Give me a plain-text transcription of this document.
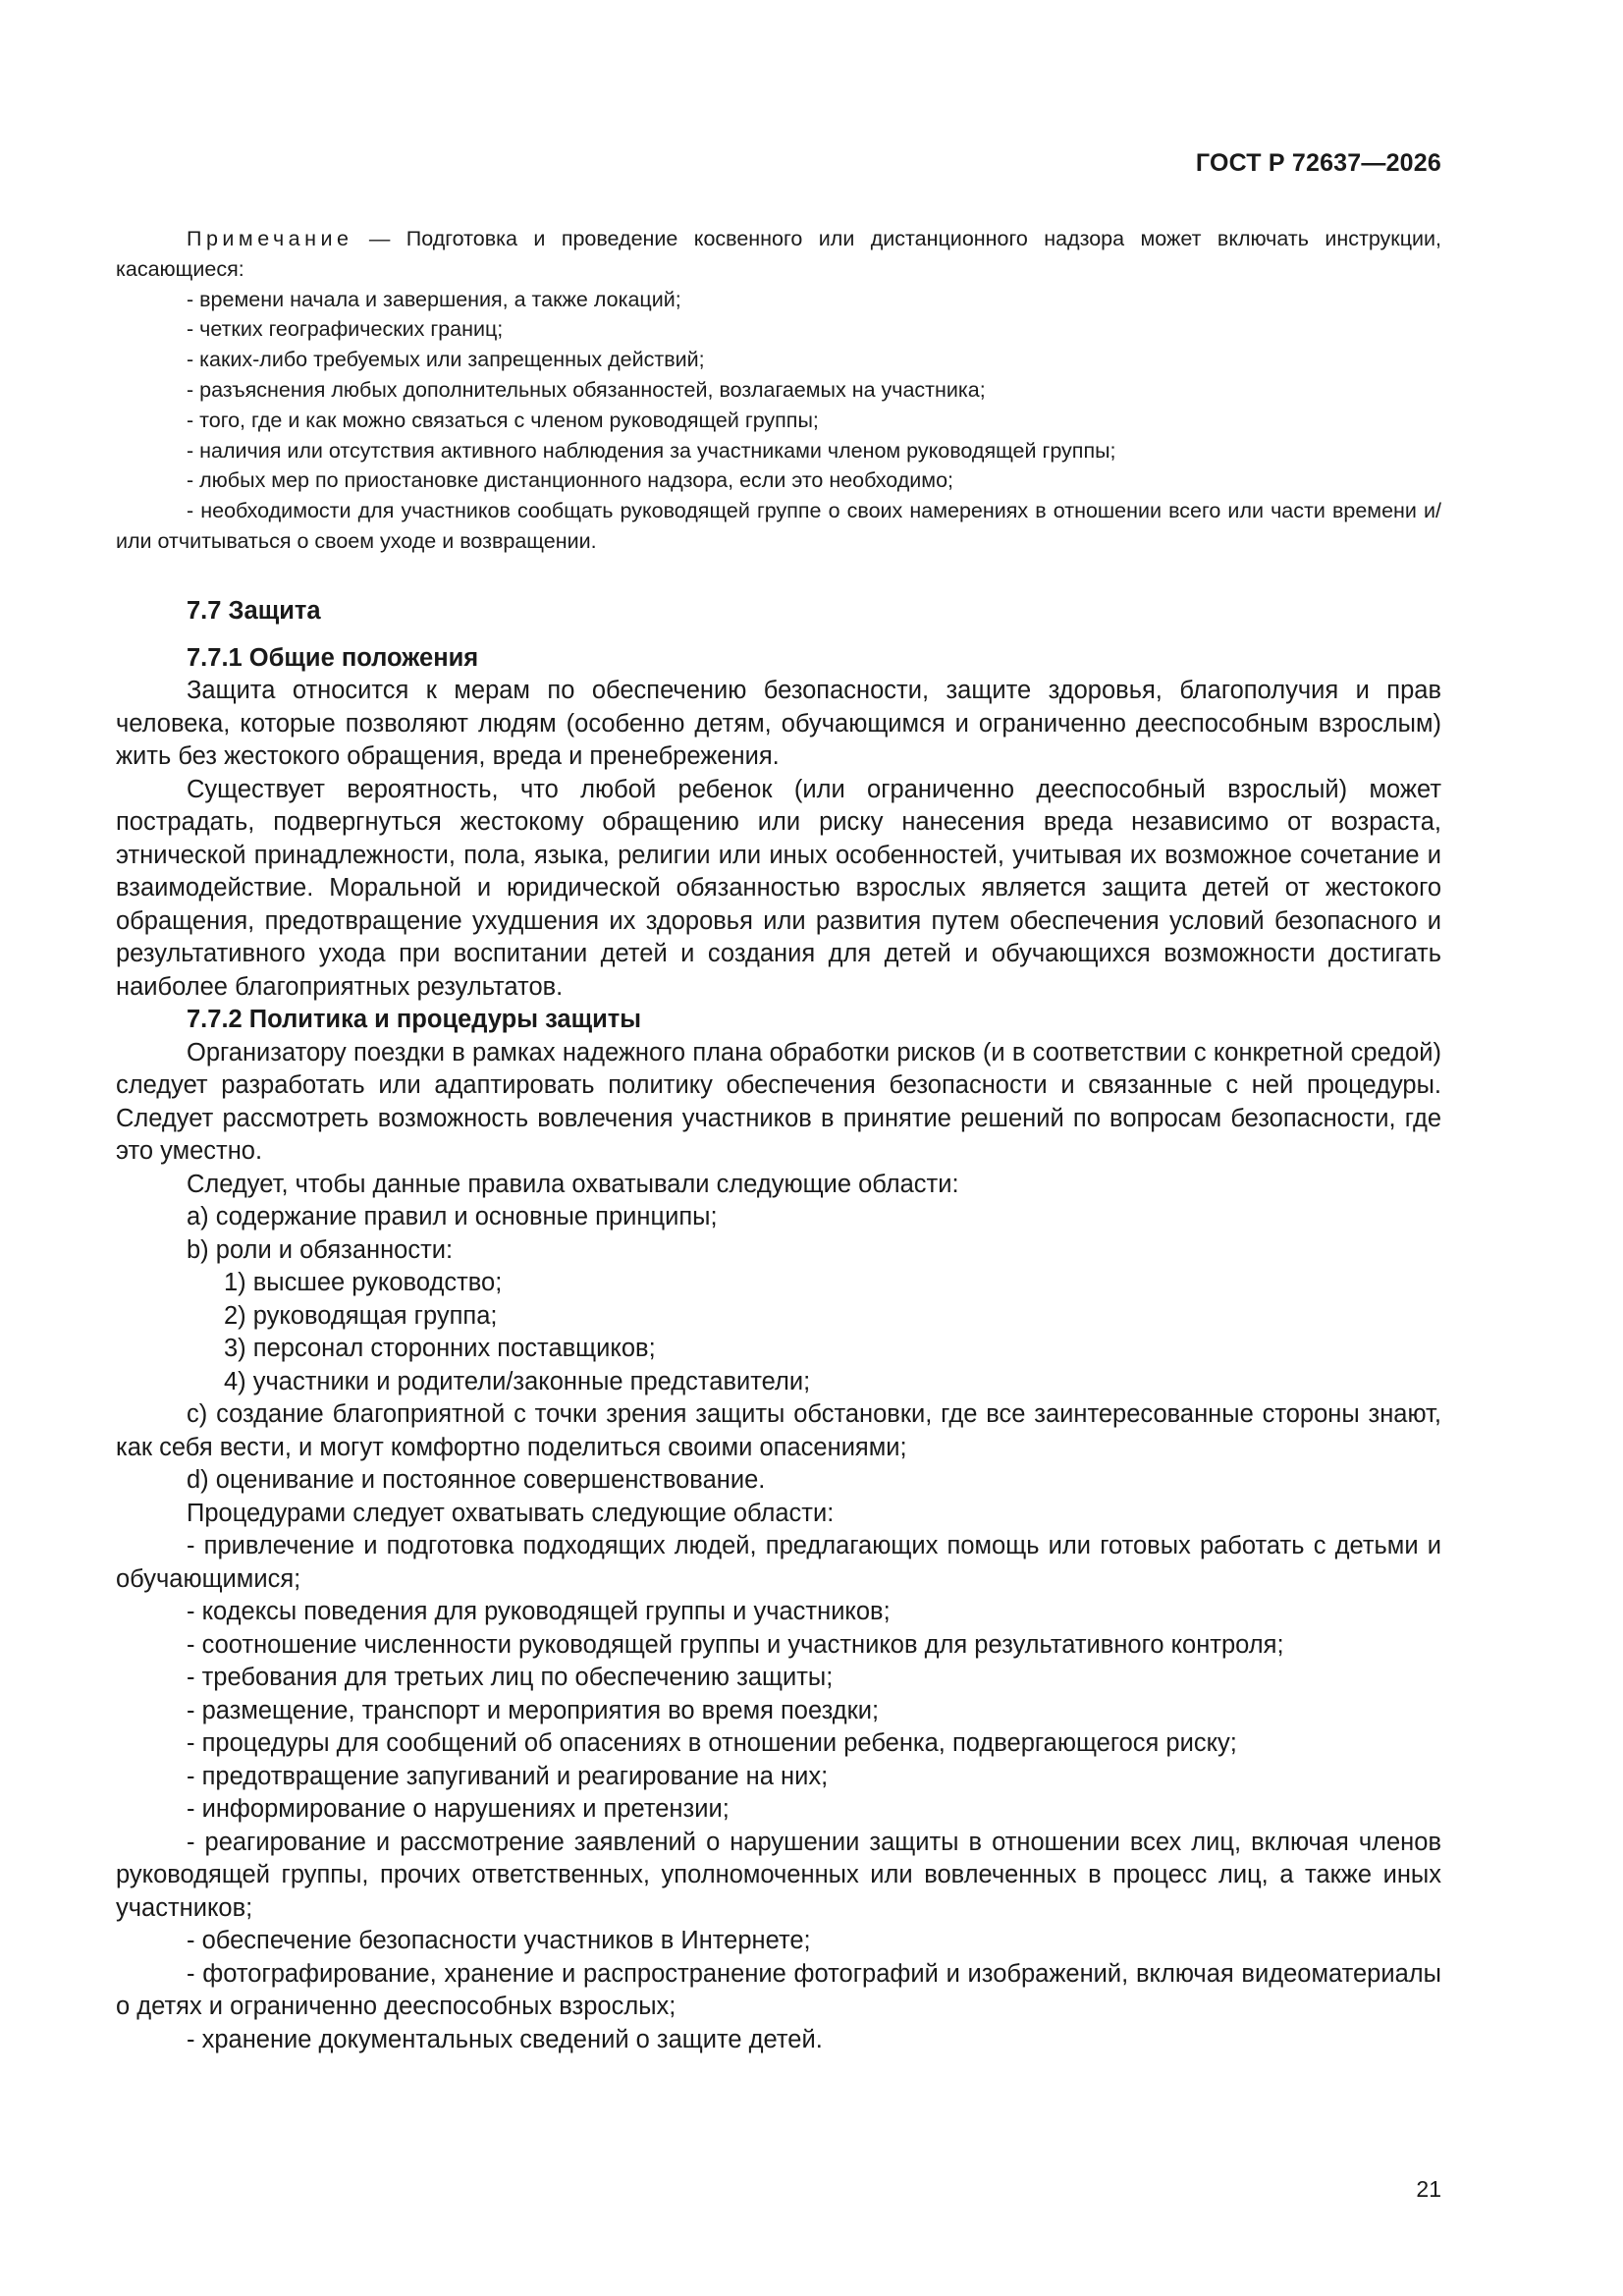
ГОСТ Р 72637—2026

Примечание — Подготовка и проведение косвенного или дистанционного надзора может включать инструкции, касающиеся:

- времени начала и завершения, а также локаций;

- четких географических границ;

- каких-либо требуемых или запрещенных действий;

- разъяснения любых дополнительных обязанностей, возлагаемых на участника;

- того, где и как можно связаться с членом руководящей группы;

- наличия или отсутствия активного наблюдения за участниками членом руководящей группы;

- любых мер по приостановке дистанционного надзора, если это необходимо;

- необходимости для участников сообщать руководящей группе о своих намерениях в отношении всего или части времени и/или отчитываться о своем уходе и возвращении.

7.7 Защита

7.7.1 Общие положения

Защита относится к мерам по обеспечению безопасности, защите здоровья, благополучия и прав человека, которые позволяют людям (особенно детям, обучающимся и ограниченно дееспособным взрослым) жить без жестокого обращения, вреда и пренебрежения.

Существует вероятность, что любой ребенок (или ограниченно дееспособный взрослый) может пострадать, подвергнуться жестокому обращению или риску нанесения вреда независимо от возраста, этнической принадлежности, пола, языка, религии или иных особенностей, учитывая их возможное сочетание и взаимодействие. Моральной и юридической обязанностью взрослых является защита детей от жестокого обращения, предотвращение ухудшения их здоровья или развития путем обеспечения условий безопасного и результативного ухода при воспитании детей и создания для детей и обучающихся возможности достигать наиболее благоприятных результатов.

7.7.2 Политика и процедуры защиты

Организатору поездки в рамках надежного плана обработки рисков (и в соответствии с конкретной средой) следует разработать или адаптировать политику обеспечения безопасности и связанные с ней процедуры. Следует рассмотреть возможность вовлечения участников в принятие решений по вопросам безопасности, где это уместно.

Следует, чтобы данные правила охватывали следующие области:

а) содержание правил и основные принципы;

b) роли и обязанности:

1) высшее руководство;

2) руководящая группа;

3) персонал сторонних поставщиков;

4) участники и родители/законные представители;

с) создание благоприятной с точки зрения защиты обстановки, где все заинтересованные стороны знают, как себя вести, и могут комфортно поделиться своими опасениями;

d) оценивание и постоянное совершенствование.

Процедурами следует охватывать следующие области:

- привлечение и подготовка подходящих людей, предлагающих помощь или готовых работать с детьми и обучающимися;

- кодексы поведения для руководящей группы и участников;

- соотношение численности руководящей группы и участников для результативного контроля;

- требования для третьих лиц по обеспечению защиты;

- размещение, транспорт и мероприятия во время поездки;

- процедуры для сообщений об опасениях в отношении ребенка, подвергающегося риску;

- предотвращение запугиваний и реагирование на них;

- информирование о нарушениях и претензии;

- реагирование и рассмотрение заявлений о нарушении защиты в отношении всех лиц, включая членов руководящей группы, прочих ответственных, уполномоченных или вовлеченных в процесс лиц, а также иных участников;

- обеспечение безопасности участников в Интернете;

- фотографирование, хранение и распространение фотографий и изображений, включая видеоматериалы о детях и ограниченно дееспособных взрослых;

- хранение документальных сведений о защите детей.

21
